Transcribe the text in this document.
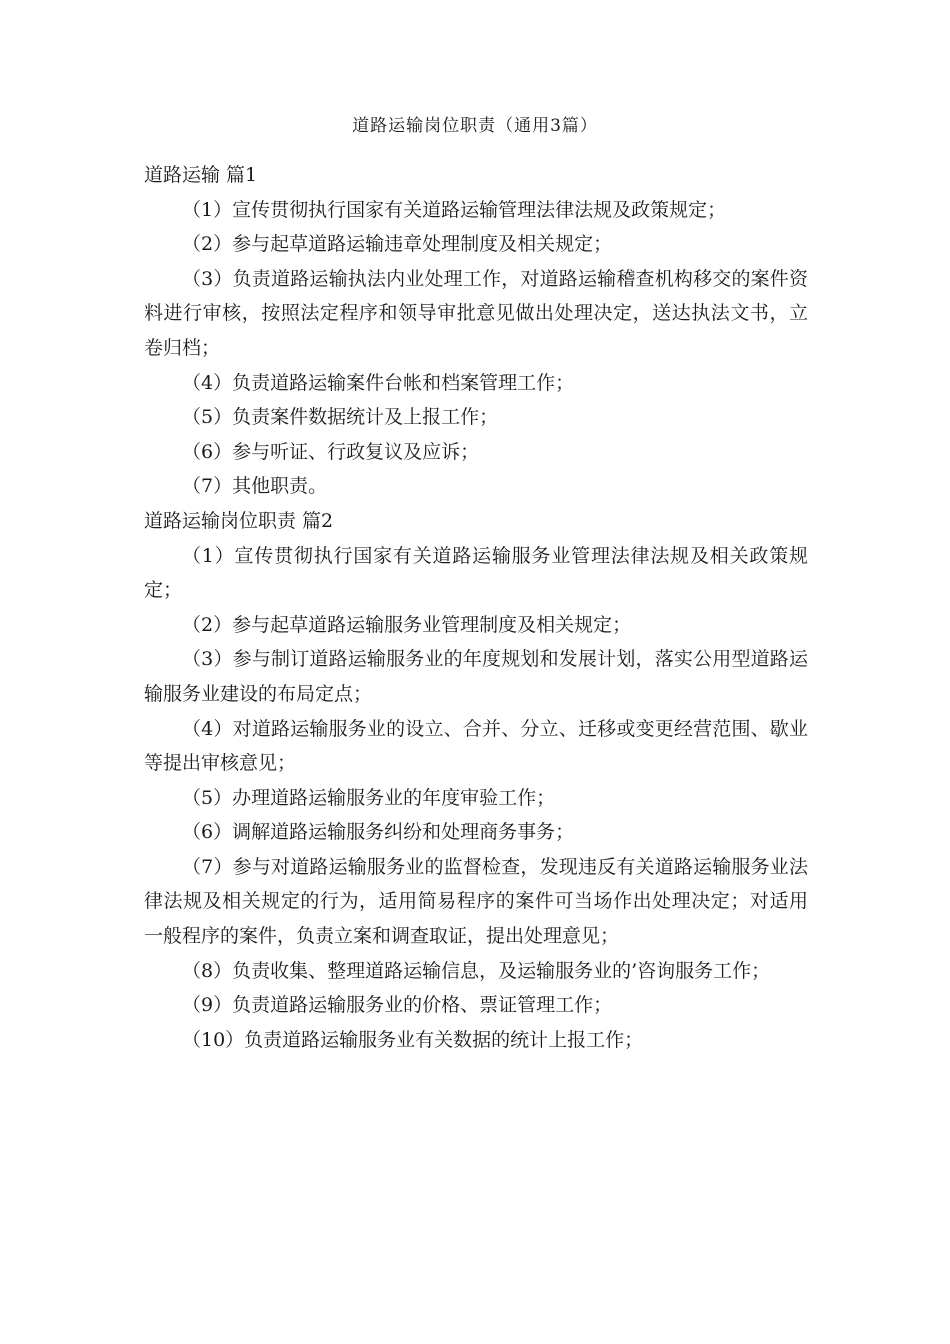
道路运输岗位职责（通用3篇）
道路运输 篇1

（1）宣传贯彻执行国家有关道路运输管理法律法规及政策规定；

（2）参与起草道路运输违章处理制度及相关规定；

（3）负责道路运输执法内业处理工作，对道路运输稽查机构移交的案件资料进行审核，按照法定程序和领导审批意见做出处理决定，送达执法文书，立卷归档；

（4）负责道路运输案件台帐和档案管理工作；

（5）负责案件数据统计及上报工作；

（6）参与听证、行政复议及应诉；

（7）其他职责。

道路运输岗位职责 篇2

（1）宣传贯彻执行国家有关道路运输服务业管理法律法规及相关政策规定；

（2）参与起草道路运输服务业管理制度及相关规定；

（3）参与制订道路运输服务业的年度规划和发展计划，落实公用型道路运输服务业建设的布局定点；

（4）对道路运输服务业的设立、合并、分立、迁移或变更经营范围、歇业等提出审核意见；

（5）办理道路运输服务业的年度审验工作；

（6）调解道路运输服务纠纷和处理商务事务；

（7）参与对道路运输服务业的监督检查，发现违反有关道路运输服务业法律法规及相关规定的行为，适用简易程序的案件可当场作出处理决定；对适用一般程序的案件，负责立案和调查取证，提出处理意见；

（8）负责收集、整理道路运输信息，及运输服务业的’咨询服务工作；

（9）负责道路运输服务业的价格、票证管理工作；

（10）负责道路运输服务业有关数据的统计上报工作；
